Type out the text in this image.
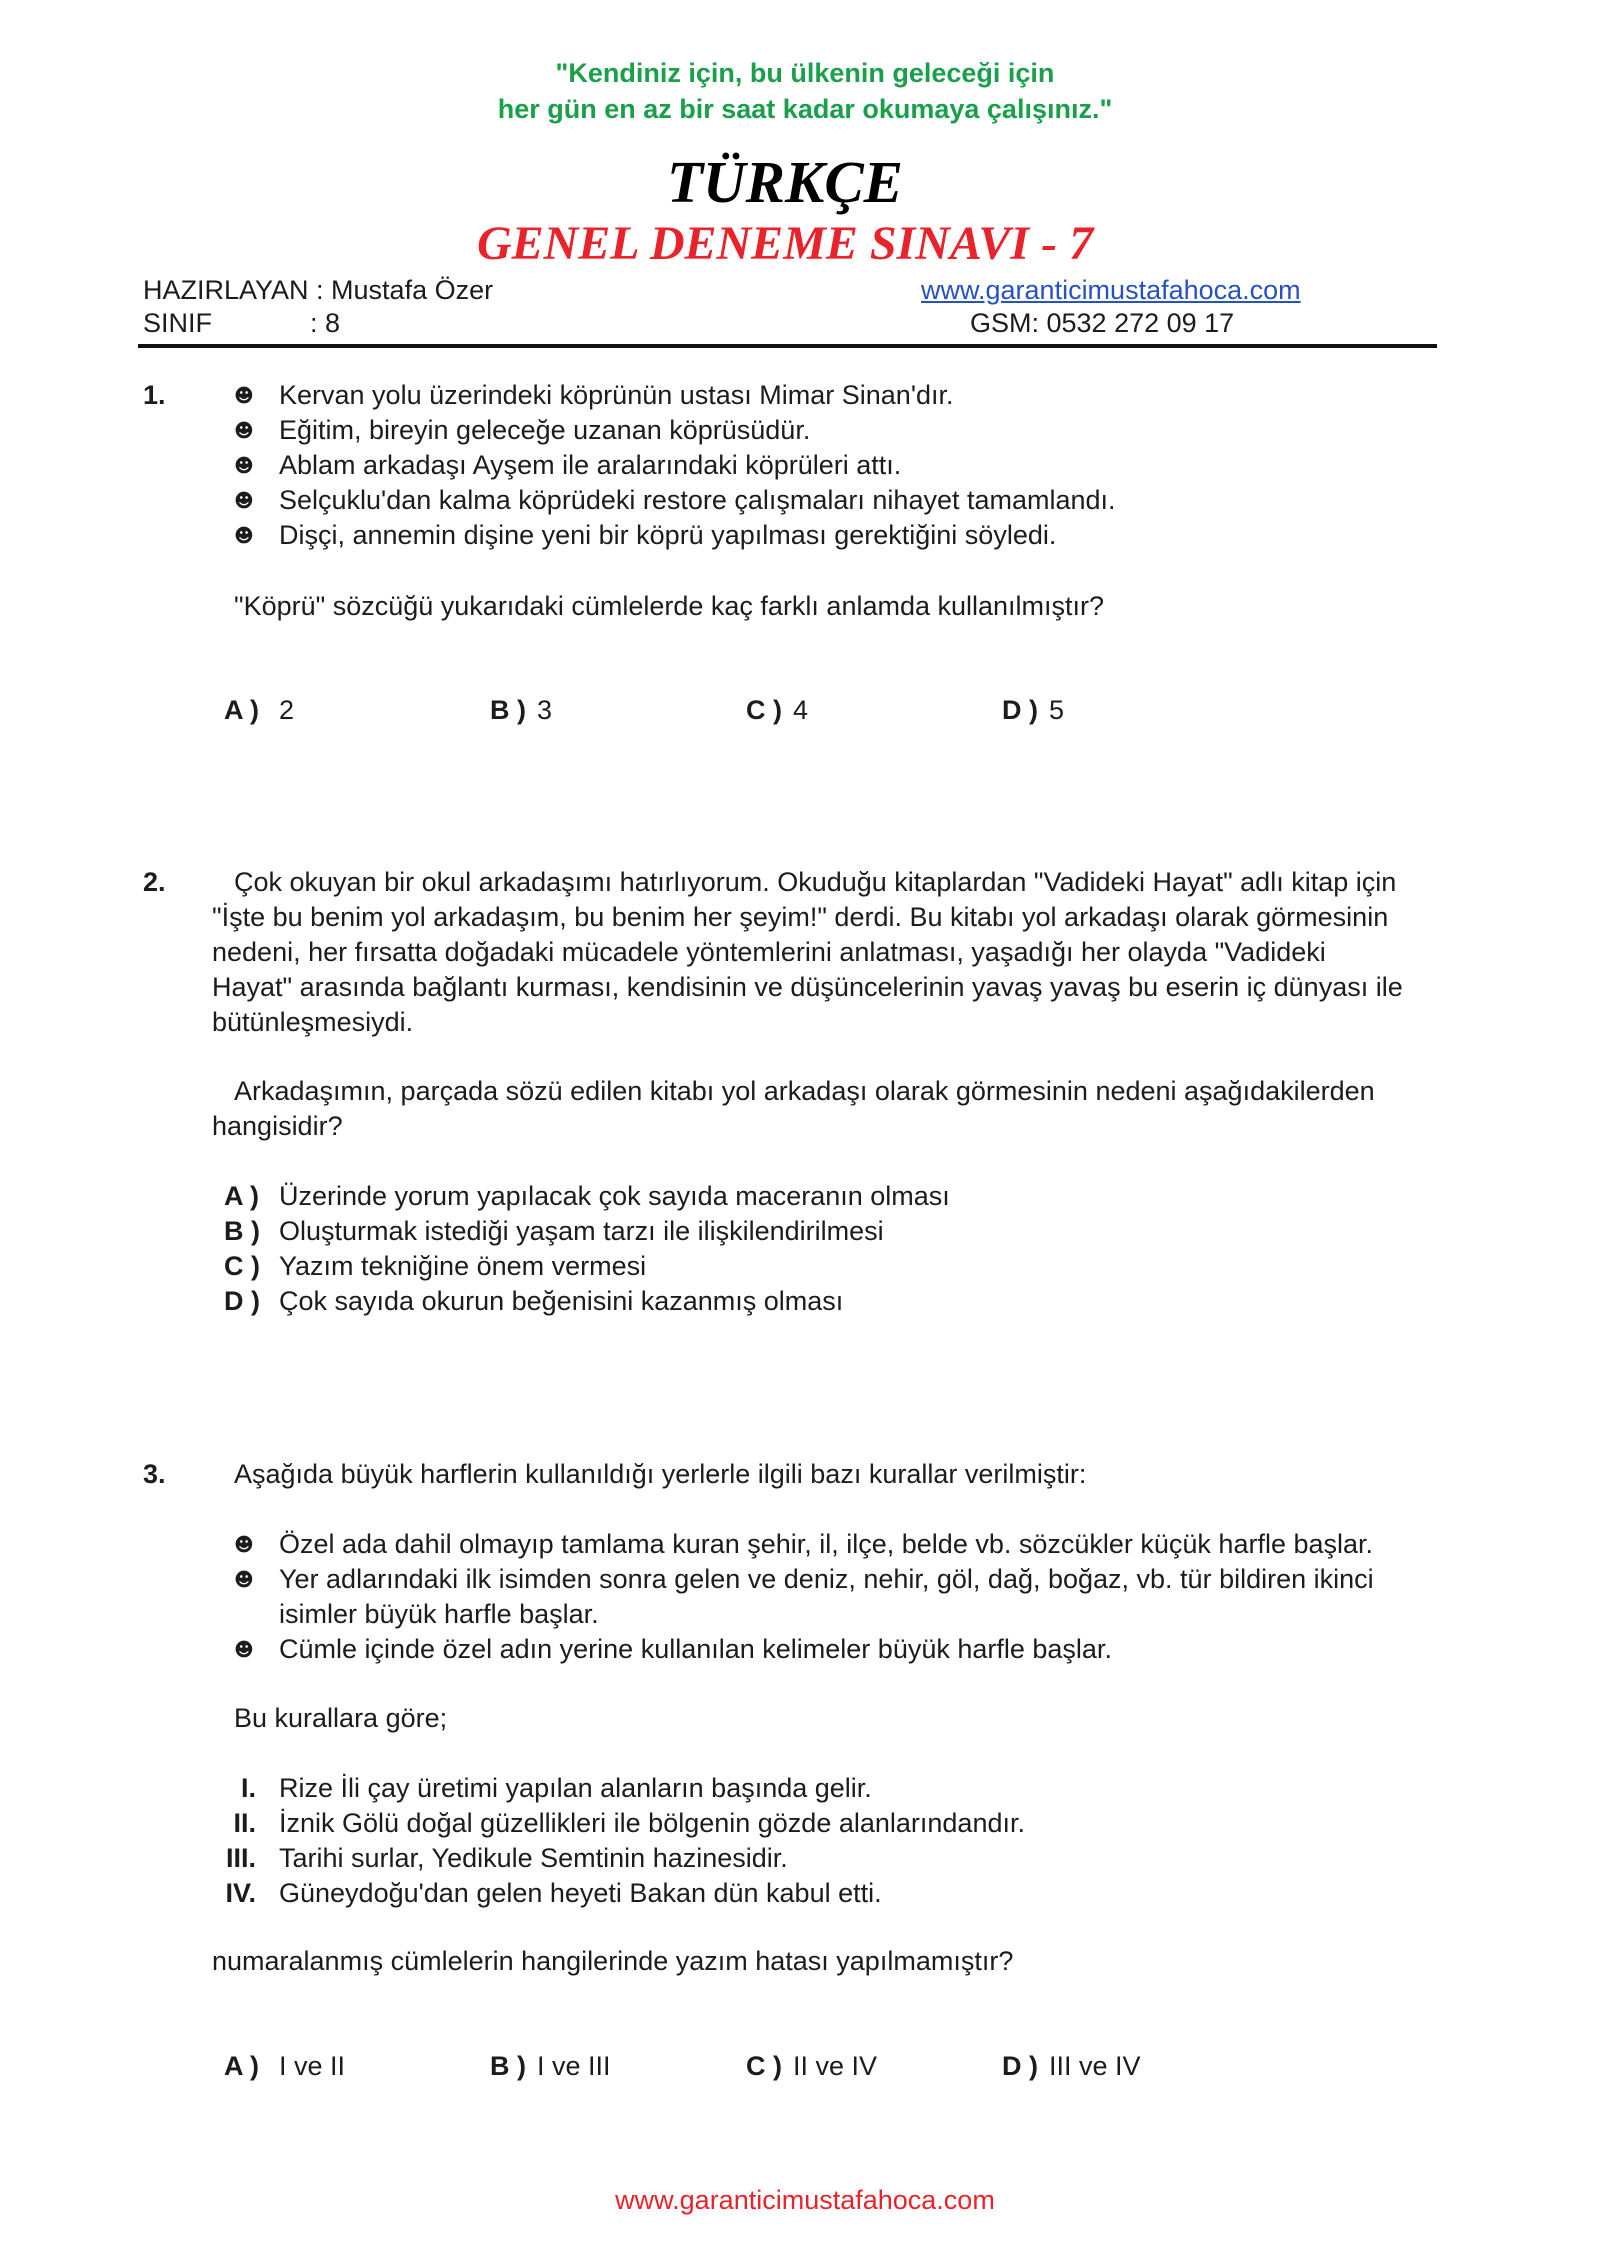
"Kendiniz için, bu ülkenin geleceği için
her gün en az bir saat kadar okumaya çalışınız."
TÜRKÇE
GENEL DENEME SINAVI - 7
HAZIRLAYAN : Mustafa Özer	www.garanticimustafahoca.com
SINIF	: 8	GSM: 0532 272 09 17
1.	☻ Kervan yolu üzerindeki köprünün ustası Mimar Sinan'dır.
☻ Eğitim, bireyin geleceğe uzanan köprüsüdür.
☻ Ablam arkadaşı Ayşem ile aralarındaki köprüleri attı.
☻ Selçuklu'dan kalma köprüdeki restore çalışmaları nihayet tamamlandı.
☻ Dişçi, annemin dişine yeni bir köprü yapılması gerektiğini söyledi.
"Köprü" sözcüğü yukarıdaki cümlelerde kaç farklı anlamda kullanılmıştır?
A ) 2	B ) 3	C ) 4	D ) 5
2.	Çok okuyan bir okul arkadaşımı hatırlıyorum. Okuduğu kitaplardan "Vadideki Hayat" adlı kitap için
"İşte bu benim yol arkadaşım, bu benim her şeyim!" derdi. Bu kitabı yol arkadaşı olarak görmesinin
nedeni, her fırsatta doğadaki mücadele yöntemlerini anlatması, yaşadığı her olayda "Vadideki
Hayat" arasında bağlantı kurması, kendisinin ve düşüncelerinin yavaş yavaş bu eserin iç dünyası ile
bütünleşmesiydi.
Arkadaşımın, parçada sözü edilen kitabı yol arkadaşı olarak görmesinin nedeni aşağıdakilerden
hangisidir?
A ) Üzerinde yorum yapılacak çok sayıda maceranın olması
B ) Oluşturmak istediği yaşam tarzı ile ilişkilendirilmesi
C ) Yazım tekniğine önem vermesi
D ) Çok sayıda okurun beğenisini kazanmış olması
3.	Aşağıda büyük harflerin kullanıldığı yerlerle ilgili bazı kurallar verilmiştir:
☻ Özel ada dahil olmayıp tamlama kuran şehir, il, ilçe, belde vb. sözcükler küçük harfle başlar.
☻ Yer adlarındaki ilk isimden sonra gelen ve deniz, nehir, göl, dağ, boğaz, vb. tür bildiren ikinci
isimler büyük harfle başlar.
☻ Cümle içinde özel adın yerine kullanılan kelimeler büyük harfle başlar.
Bu kurallara göre;
I. Rize İli çay üretimi yapılan alanların başında gelir.
II. İznik Gölü doğal güzellikleri ile bölgenin gözde alanlarındandır.
III. Tarihi surlar, Yedikule Semtinin hazinesidir.
IV. Güneydoğu'dan gelen heyeti Bakan dün kabul etti.
numaralanmış cümlelerin hangilerinde yazım hatası yapılmamıştır?
A ) I ve II	B ) I ve III	C ) II ve IV	D ) III ve IV
www.garanticimustafahoca.com
